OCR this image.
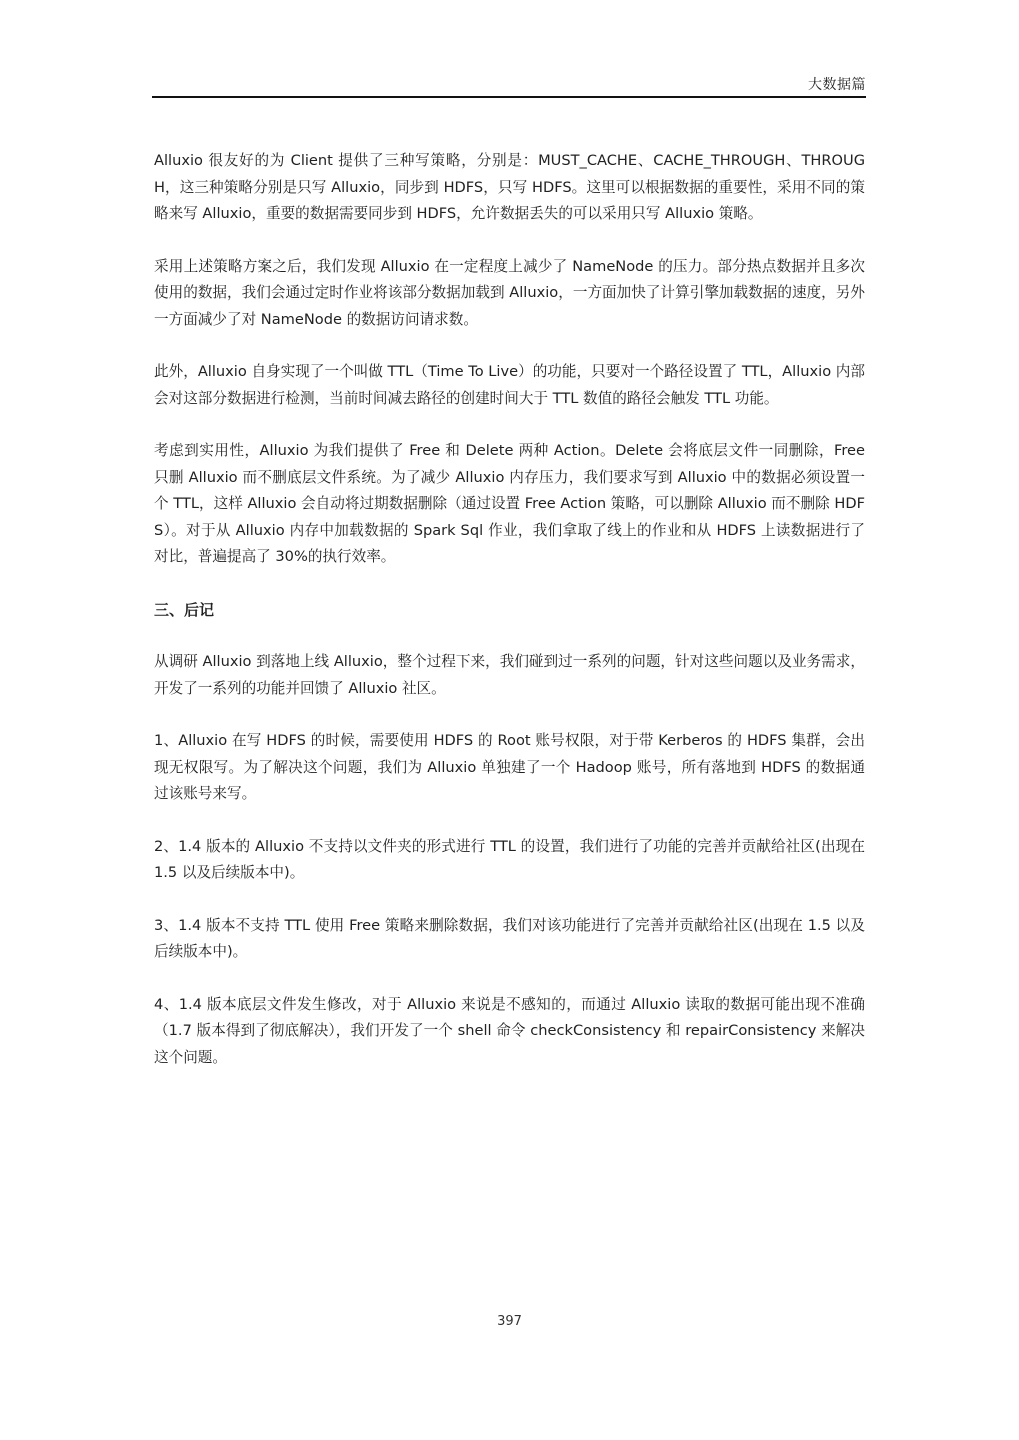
大数据篇

Alluxio 很友好的为 Client 提供了三种写策略，分别是：MUST_CACHE、CACHE_THROUGH、THROUGH，这三种策略分别是只写 Alluxio，同步到 HDFS，只写 HDFS。这里可以根据数据的重要性，采用不同的策略来写 Alluxio，重要的数据需要同步到 HDFS，允许数据丢失的可以采用只写 Alluxio 策略。

采用上述策略方案之后，我们发现 Alluxio 在一定程度上减少了 NameNode 的压力。部分热点数据并且多次使用的数据，我们会通过定时作业将该部分数据加载到 Alluxio，一方面加快了计算引擎加载数据的速度，另外一方面减少了对 NameNode 的数据访问请求数。

此外，Alluxio 自身实现了一个叫做 TTL（Time To Live）的功能，只要对一个路径设置了 TTL，Alluxio 内部会对这部分数据进行检测，当前时间减去路径的创建时间大于 TTL 数值的路径会触发 TTL 功能。

考虑到实用性，Alluxio 为我们提供了 Free 和 Delete 两种 Action。Delete 会将底层文件一同删除，Free 只删 Alluxio 而不删底层文件系统。为了减少 Alluxio 内存压力，我们要求写到 Alluxio 中的数据必须设置一个 TTL，这样 Alluxio 会自动将过期数据删除（通过设置 Free Action 策略，可以删除 Alluxio 而不删除 HDFS）。对于从 Alluxio 内存中加载数据的 Spark Sql 作业，我们拿取了线上的作业和从 HDFS 上读数据进行了对比，普遍提高了 30%的执行效率。

三、后记

从调研 Alluxio 到落地上线 Alluxio，整个过程下来，我们碰到过一系列的问题，针对这些问题以及业务需求，开发了一系列的功能并回馈了 Alluxio 社区。

1、Alluxio 在写 HDFS 的时候，需要使用 HDFS 的 Root 账号权限，对于带 Kerberos 的 HDFS 集群，会出现无权限写。为了解决这个问题，我们为 Alluxio 单独建了一个 Hadoop 账号，所有落地到 HDFS 的数据通过该账号来写。

2、1.4 版本的 Alluxio 不支持以文件夹的形式进行 TTL 的设置，我们进行了功能的完善并贡献给社区(出现在 1.5 以及后续版本中)。

3、1.4 版本不支持 TTL 使用 Free 策略来删除数据，我们对该功能进行了完善并贡献给社区(出现在 1.5 以及后续版本中)。

4、1.4 版本底层文件发生修改，对于 Alluxio 来说是不感知的，而通过 Alluxio 读取的数据可能出现不准确（1.7 版本得到了彻底解决），我们开发了一个 shell 命令 checkConsistency 和 repairConsistency 来解决这个问题。

397
